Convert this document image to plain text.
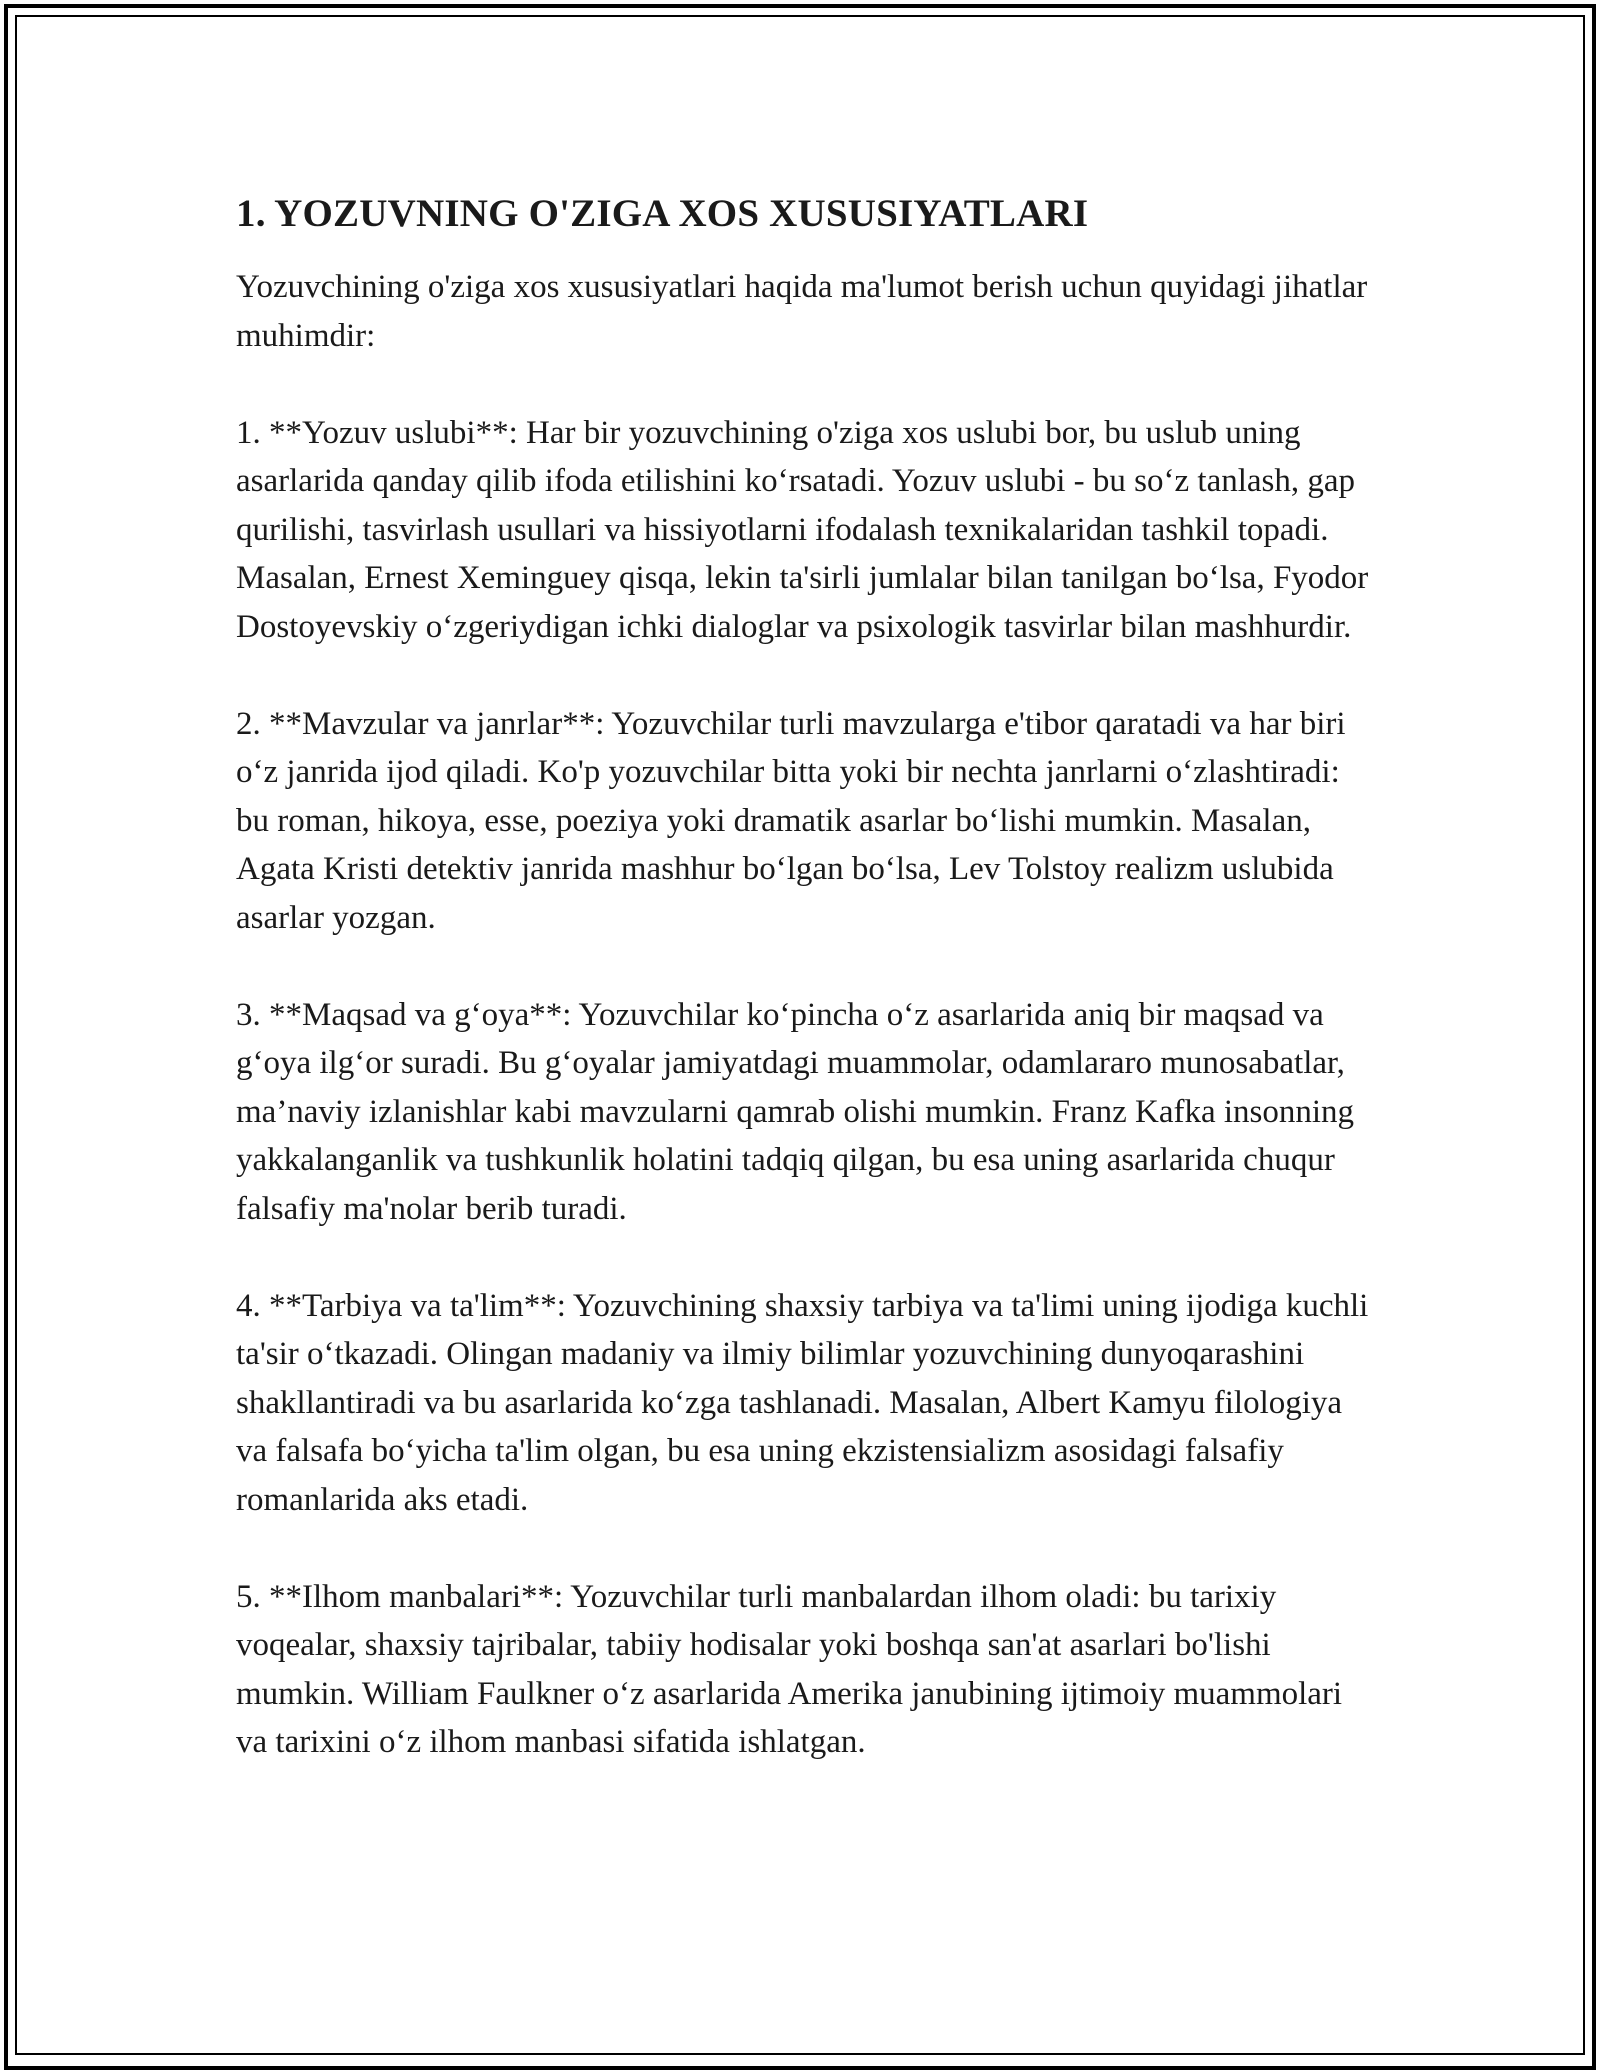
1. YOZUVNING O'ZIGA XOS XUSUSIYATLARI

Yozuvchining o'ziga xos xususiyatlari haqida ma'lumot berish uchun quyidagi jihatlar muhimdir:

1. **Yozuv uslubi**: Har bir yozuvchining o'ziga xos uslubi bor, bu uslub uning asarlarida qanday qilib ifoda etilishini koʻrsatadi. Yozuv uslubi - bu soʻz tanlash, gap qurilishi, tasvirlash usullari va hissiyotlarni ifodalash texnikalaridan tashkil topadi. Masalan, Ernest Xeminguey qisqa, lekin ta'sirli jumlalar bilan tanilgan boʻlsa, Fyodor Dostoyevskiy oʻzgeriydigan ichki dialoglar va psixologik tasvirlar bilan mashhurdir.

2. **Mavzular va janrlar**: Yozuvchilar turli mavzularga e'tibor qaratadi va har biri oʻz janrida ijod qiladi. Ko'p yozuvchilar bitta yoki bir nechta janrlarni oʻzlashtiradi: bu roman, hikoya, esse, poeziya yoki dramatik asarlar boʻlishi mumkin. Masalan, Agata Kristi detektiv janrida mashhur boʻlgan boʻlsa, Lev Tolstoy realizm uslubida asarlar yozgan.

3. **Maqsad va gʻoya**: Yozuvchilar koʻpincha oʻz asarlarida aniq bir maqsad va gʻoya ilgʻor suradi. Bu gʻoyalar jamiyatdagi muammolar, odamlararo munosabatlar, ma’naviy izlanishlar kabi mavzularni qamrab olishi mumkin. Franz Kafka insonning yakkalanganlik va tushkunlik holatini tadqiq qilgan, bu esa uning asarlarida chuqur falsafiy ma'nolar berib turadi.

4. **Tarbiya va ta'lim**: Yozuvchining shaxsiy tarbiya va ta'limi uning ijodiga kuchli ta'sir oʻtkazadi. Olingan madaniy va ilmiy bilimlar yozuvchining dunyoqarashini shakllantiradi va bu asarlarida koʻzga tashlanadi. Masalan, Albert Kamyu filologiya va falsafa boʻyicha ta'lim olgan, bu esa uning ekzistensializm asosidagi falsafiy romanlarida aks etadi.

5. **Ilhom manbalari**: Yozuvchilar turli manbalardan ilhom oladi: bu tarixiy voqealar, shaxsiy tajribalar, tabiiy hodisalar yoki boshqa san'at asarlari bo'lishi mumkin. William Faulkner oʻz asarlarida Amerika janubining ijtimoiy muammolari va tarixini oʻz ilhom manbasi sifatida ishlatgan.
